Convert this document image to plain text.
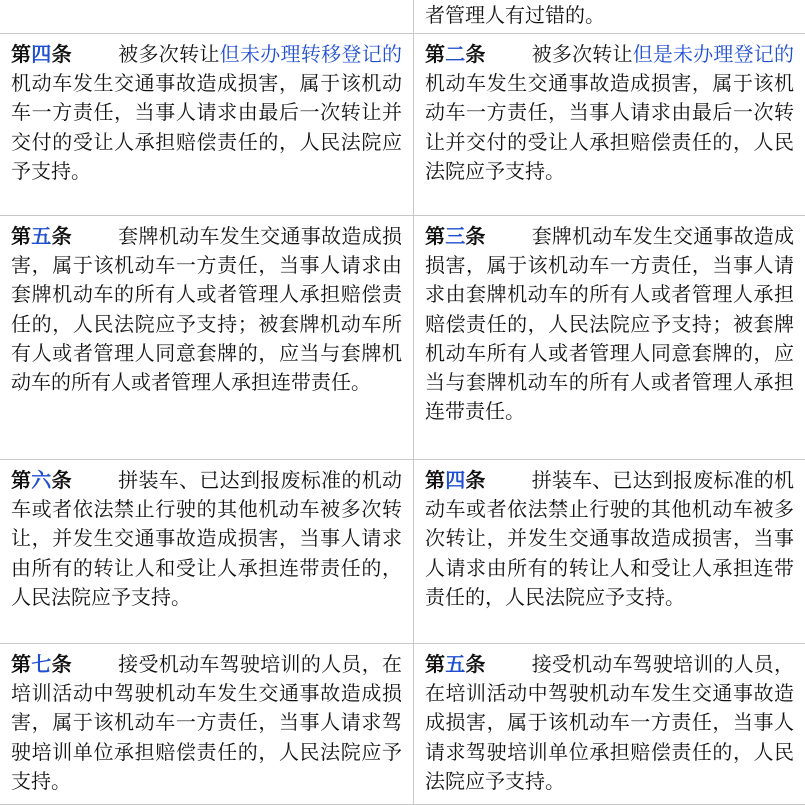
者管理人有过错的。
第四条 被多次转让但未办理转移登记的机动车发生交通事故造成损害，属于该机动车一方责任，当事人请求由最后一次转让并交付的受让人承担赔偿责任的，人民法院应予支持。
第二条 被多次转让但是未办理登记的机动车发生交通事故造成损害，属于该机动车一方责任，当事人请求由最后一次转让并交付的受让人承担赔偿责任的，人民法院应予支持。
第五条 套牌机动车发生交通事故造成损害，属于该机动车一方责任，当事人请求由套牌机动车的所有人或者管理人承担赔偿责任的，人民法院应予支持；被套牌机动车所有人或者管理人同意套牌的，应当与套牌机动车的所有人或者管理人承担连带责任。
第三条 套牌机动车发生交通事故造成损害，属于该机动车一方责任，当事人请求由套牌机动车的所有人或者管理人承担赔偿责任的，人民法院应予支持；被套牌机动车所有人或者管理人同意套牌的，应当与套牌机动车的所有人或者管理人承担连带责任。
第六条 拼装车、已达到报废标准的机动车或者依法禁止行驶的其他机动车被多次转让，并发生交通事故造成损害，当事人请求由所有的转让人和受让人承担连带责任的，人民法院应予支持。
第四条 拼装车、已达到报废标准的机动车或者依法禁止行驶的其他机动车被多次转让，并发生交通事故造成损害，当事人请求由所有的转让人和受让人承担连带责任的，人民法院应予支持。
第七条 接受机动车驾驶培训的人员，在培训活动中驾驶机动车发生交通事故造成损害，属于该机动车一方责任，当事人请求驾驶培训单位承担赔偿责任的，人民法院应予支持。
第五条 接受机动车驾驶培训的人员，在培训活动中驾驶机动车发生交通事故造成损害，属于该机动车一方责任，当事人请求驾驶培训单位承担赔偿责任的，人民法院应予支持。
